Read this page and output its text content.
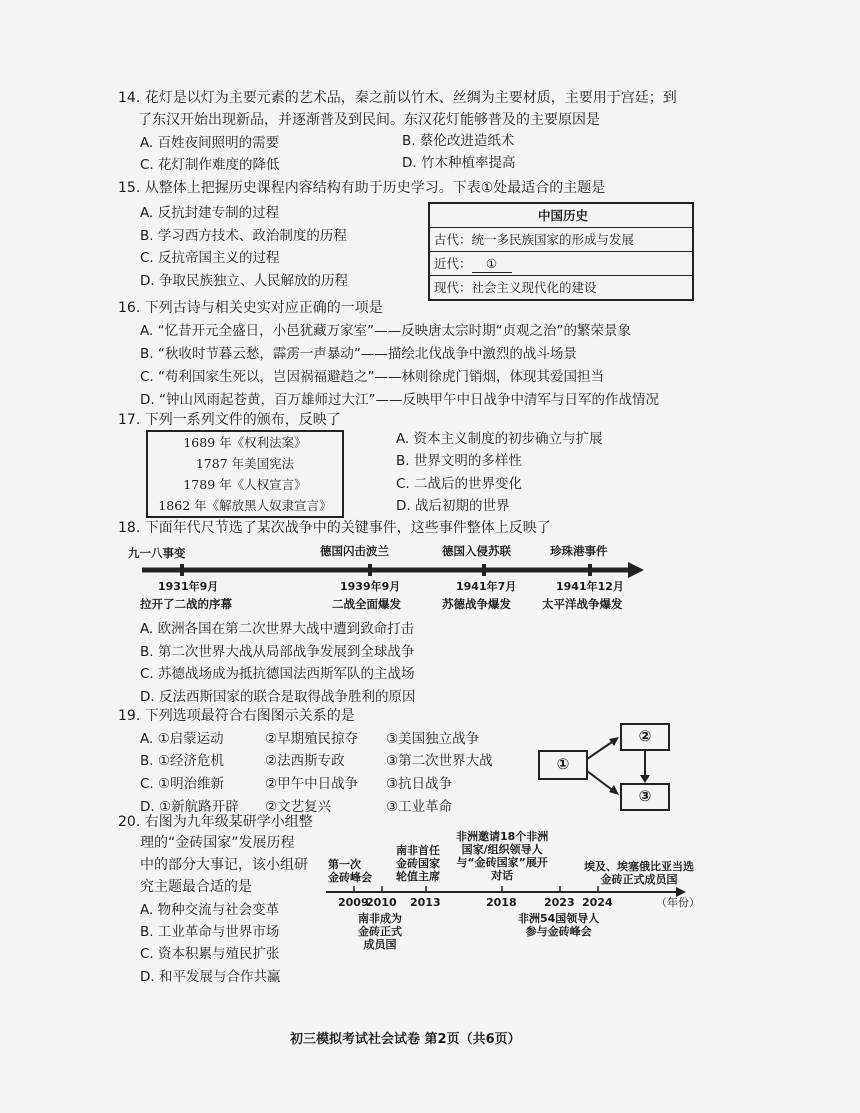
14. 花灯是以灯为主要元素的艺术品，秦之前以竹木、丝绸为主要材质，主要用于宫廷；到
了东汉开始出现新品，并逐渐普及到民间。东汉花灯能够普及的主要原因是
A. 百姓夜间照明的需要	B. 蔡伦改进造纸术
C. 花灯制作难度的降低	D. 竹木种植率提高
15. 从整体上把握历史课程内容结构有助于历史学习。下表①处最适合的主题是
A. 反抗封建专制的过程
B. 学习西方技术、政治制度的历程
C. 反抗帝国主义的过程
D. 争取民族独立、人民解放的历程
中国历史
古代：统一多民族国家的形成与发展
近代： ①
现代：社会主义现代化的建设
16. 下列古诗与相关史实对应正确的一项是
A. “忆昔开元全盛日，小邑犹藏万家室”——反映唐太宗时期“贞观之治”的繁荣景象
B. “秋收时节暮云愁，霹雳一声暴动”——描绘北伐战争中激烈的战斗场景
C. “苟利国家生死以，岂因祸福避趋之”——林则徐虎门销烟，体现其爱国担当
D. “钟山风雨起苍黄，百万雄师过大江”——反映甲午中日战争中清军与日军的作战情况
17. 下列一系列文件的颁布，反映了
1689 年《权利法案》
1787 年美国宪法
1789 年《人权宣言》
1862 年《解放黑人奴隶宣言》
A. 资本主义制度的初步确立与扩展
B. 世界文明的多样性
C. 二战后的世界变化
D. 战后初期的世界
18. 下面年代尺节选了某次战争中的关键事件，这些事件整体上反映了
九一八事变	德国闪击波兰	德国入侵苏联	珍珠港事件
1931年9月	1939年9月	1941年7月	1941年12月
拉开了二战的序幕	二战全面爆发	苏德战争爆发	太平洋战争爆发
A. 欧洲各国在第二次世界大战中遭到致命打击
B. 第二次世界大战从局部战争发展到全球战争
C. 苏德战场成为抵抗德国法西斯军队的主战场
D. 反法西斯国家的联合是取得战争胜利的原因
19. 下列选项最符合右图图示关系的是
A. ①启蒙运动	②早期殖民掠夺 ③美国独立战争
B. ①经济危机	②法西斯专政	③第二次世界大战
C. ①明治维新	②甲午中日战争 ③抗日战争
D. ①新航路开辟 ②文艺复兴	③工业革命
①
②
③
20. 右图为九年级某研学小组整
理的“金砖国家”发展历程
中的部分大事记，该小组研
究主题最合适的是
A. 物种交流与社会变革
B. 工业革命与世界市场
C. 资本积累与殖民扩张
D. 和平发展与合作共赢
第一次
金砖峰会
南非首任
金砖国家
轮值主席
非洲邀请18个非洲
国家/组织领导人
与“金砖国家”展开
对话
埃及、埃塞俄比亚当选
金砖正式成员国
2009
2010 2013	2018 2023 2024	（年份）
南非成为
金砖正式
成员国
非洲54国领导人
参与金砖峰会
初三模拟考试社会试卷 第2页（共6页）
